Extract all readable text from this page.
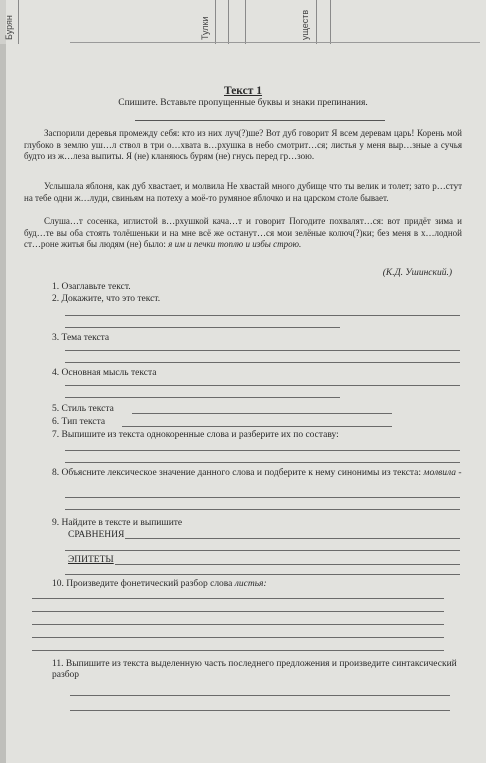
Бурян	Тулки	уществ
Текст 1
Спишите. Вставьте пропущенные буквы и знаки препинания.

Заспорили деревья промежду себя: кто из них луч(?)ше? Вот дуб говорит Я всем деревам царь! Корень мой глубоко в землю уш…л ствол в три о…хвата в…рхушка в небо смотрит…ся; листья у меня выр…зные а сучья будто из ж…леза выпиты. Я (не) кланяюсь бурям (не) гнусь перед гр…зою.

Услышала яблоня, как дуб хвастает, и молвила Не хвастай много дубище что ты велик и толет; зато р…стут на тебе одни ж…луди, свиньям на потеху а моё-то румяное яблочко и на царском столе бывает.

Слуша…т сосенка, иглистой в…рхушкой кача…т и говорит Погодите похвалят…ся: вот придёт зима и буд…те вы оба стоять толёшеньки и на мне всё же останут…ся мои зелёные колюч(?)ки; без меня в х…лодной ст…роне житья бы людям (не) было: я им и печки топлю и избы строю.

(К.Д. Ушинский.)
1. Озаглавьте текст.
2. Докажите, что это текст.
3. Тема текста
4. Основная мысль текста
5. Стиль текста
6. Тип текста
7. Выпишите из текста однокоренные слова и разберите их по составу:
8. Объясните лексическое значение данного слова и подберите к нему синонимы из текста: молвила -
9. Найдите в тексте и выпишите
СРАВНЕНИЯ
ЭПИТЕТЫ
10. Произведите фонетический разбор слова листья:
11. Выпишите из текста выделенную часть последнего предложения и произведите синтаксический разбор
